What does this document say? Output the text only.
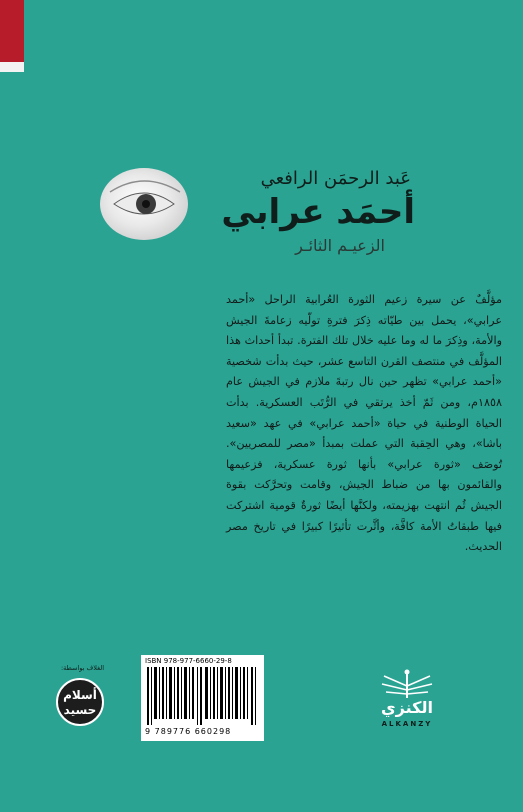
عَبد الرحمَن الرافعي
أحمَد عرابي
الزعيـم الثائـر
مؤلَّفٌ عن سيرة زعيم الثورة العُرابية الراحل «أحمد عرابي»، يحمل بين طيّاته ذِكرَ فترةِ تولّيه زعامةَ الجيش والأمة، وذِكرَ ما له وما عليه خلال تلك الفترة. تبدأ أحداث هذا المؤلَّف في منتصف القرن التاسع عشر، حيث بدأت شخصية «أحمد عرابي» تظهر حين نال رتبةَ ملازم في الجيش عام ١٨٥٨م، ومن ثَمّ أخذ يرتقي في الرُّتَب العسكرية. بدأت الحياة الوطنية في حياة «أحمد عرابي» في عهد «سعيد باشا»، وهي الحِقبة التي عملت بمبدأ «مصر للمصريين». تُوصَف «ثورة عرابي» بأنها ثورة عسكرية، فزعيمها والقائمون بها من ضباط الجيش، وقامت وتحرَّكت بقوة الجيش ثُم انتهت بهزيمته، ولكنَّها أيضًا ثورةٌ قومية اشتركت فيها طبقاتُ الأمة كافَّة، وأثَّرت تأثيرًا كبيرًا في تاريخ مصر الحديث.
ISBN 978-977-6660-29-8
9 789776 660298
الغلاف بواسطة:
أسلام حسيد	الكنزي
ALKANZY
